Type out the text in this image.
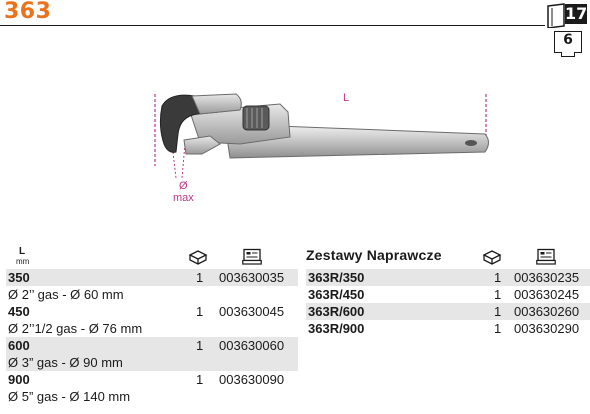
363	17
6
L
Ø
max
L
mm
350	1 003630035
Ø 2’’ gas - Ø 60 mm
450	1 003630045
Ø 2’’1/2 gas - Ø 76 mm
600	1 003630060
Ø 3” gas - Ø 90 mm
900	1 003630090
Ø 5” gas - Ø 140 mm
Zestawy Naprawcze
363R/350	1 003630235
363R/450	1 003630245
363R/600	1 003630260
363R/900	1 003630290
